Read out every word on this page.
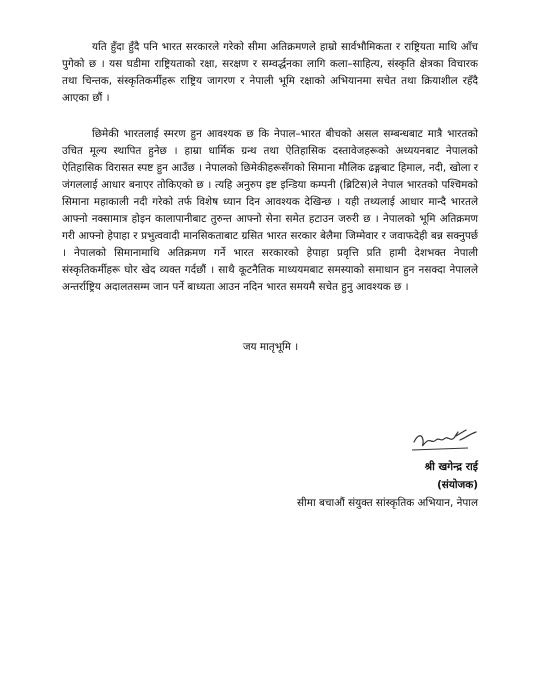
यति हुँदा हुँदै पनि भारत सरकारले गरेको सीमा अतिक्रमणले हाम्रो सार्वभौमिकता र राष्ट्रियता माथि आँच पुगेको छ । यस घडीमा राष्ट्रियताको रक्षा, सरक्षण र सम्वर्द्धनका लागि कला–साहित्य, संस्कृति क्षेत्रका विचारक तथा चिन्तक, संस्कृतिकर्मीहरू राष्ट्रिय जागरण र नेपाली भूमि रक्षाको अभियानमा सचेत तथा क्रियाशील रहँदै आएका छौं ।

छिमेकी भारतलाई स्मरण हुन आवश्यक छ कि नेपाल–भारत बीचको असल सम्बन्धबाट मात्रै भारतको उचित मूल्य स्थापित हुनेछ । हाम्रा धार्मिक ग्रन्थ तथा ऐतिहासिक दस्तावेजहरूको अध्ययनबाट नेपालको ऐतिहासिक विरासत स्पष्ट हुन आउँछ । नेपालको छिमेकीहरूसँगको सिमाना मौलिक ढङ्गबाट हिमाल, नदी, खोला र जंगललाई आधार बनाएर तोकिएको छ । त्यहि अनुरुप इष्ट इन्डिया कम्पनी (ब्रिटिस)ले नेपाल भारतको पश्चिमको सिमाना महाकाली नदी गरेको तर्फ विशेष ध्यान दिन आवश्यक देखिन्छ । यही तथ्यलाई आधार मान्दै भारतले आफ्नो नक्सामात्र होइन कालापानीबाट तुरुन्त आफ्नो सेना समेत हटाउन जरुरी छ । नेपालको भूमि अतिक्रमण गरी आफ्नो हेपाहा र प्रभुत्ववादी मानसिकताबाट ग्रसित भारत सरकार बेलैमा जिम्मेवार र जवाफदेही बन्न सक्नुपर्छ । नेपालको सिमानामाथि अतिक्रमण गर्ने भारत सरकारको हेपाहा प्रवृत्ति प्रति हामी देशभक्त नेपाली संस्कृतिकर्मीहरू घोर खेद व्यक्त गर्दछौं । साथै कूटनैतिक माध्ययमबाट समस्याको समाधान हुन नसक्दा नेपालले अन्तर्राष्ट्रिय अदालतसम्म जान पर्ने बाध्यता आउन नदिन भारत समयमै सचेत हुनु आवश्यक छ ।

जय मातृभूमि ।
श्री खगेन्द्र राई
(संयोजक)
सीमा बचाऔं संयुक्त सांस्कृतिक अभियान, नेपाल
